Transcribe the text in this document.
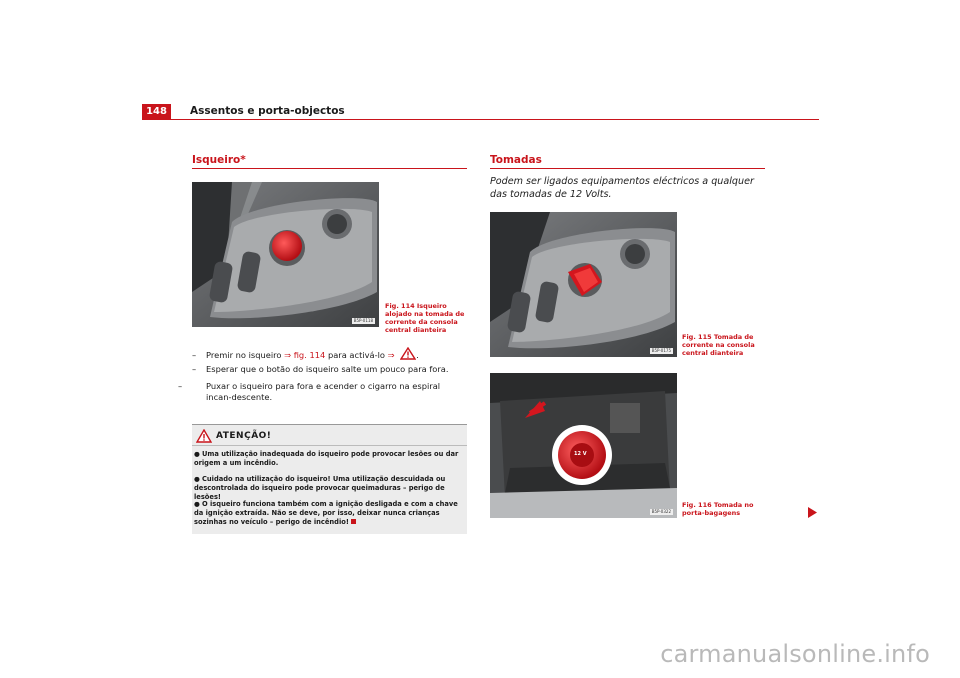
148	Assentos e porta-objectos
Isqueiro*
B5P-0118
Fig. 114 Isqueiro alojado na tomada de corrente da consola central dianteira
– Premir no isqueiro ⇒ fig. 114 para activá-lo ⇒	.
– Esperar que o botão do isqueiro salte um pouco para fora.
–	Puxar o isqueiro para fora e acender o cigarro na espiral incan-descente.
ATENÇÃO!
● Uma utilização inadequada do isqueiro pode provocar lesões ou dar origem a um incêndio.
● Cuidado na utilização do isqueiro! Uma utilização descuidada ou descontrolada do isqueiro pode provocar queimaduras – perigo de lesões!
● O isqueiro funciona também com a ignição desligada e com a chave da ignição extraída. Não se deve, por isso, deixar nunca crianças sozinhas no veículo – perigo de incêndio!
Tomadas
Podem ser ligados equipamentos eléctricos a qualquer das tomadas de 12 Volts.
B5P-0175
Fig. 115 Tomada de corrente na consola central dianteira
B5P-0322
12 V
Fig. 116 Tomada no porta-bagagens
carmanualsonline.info
